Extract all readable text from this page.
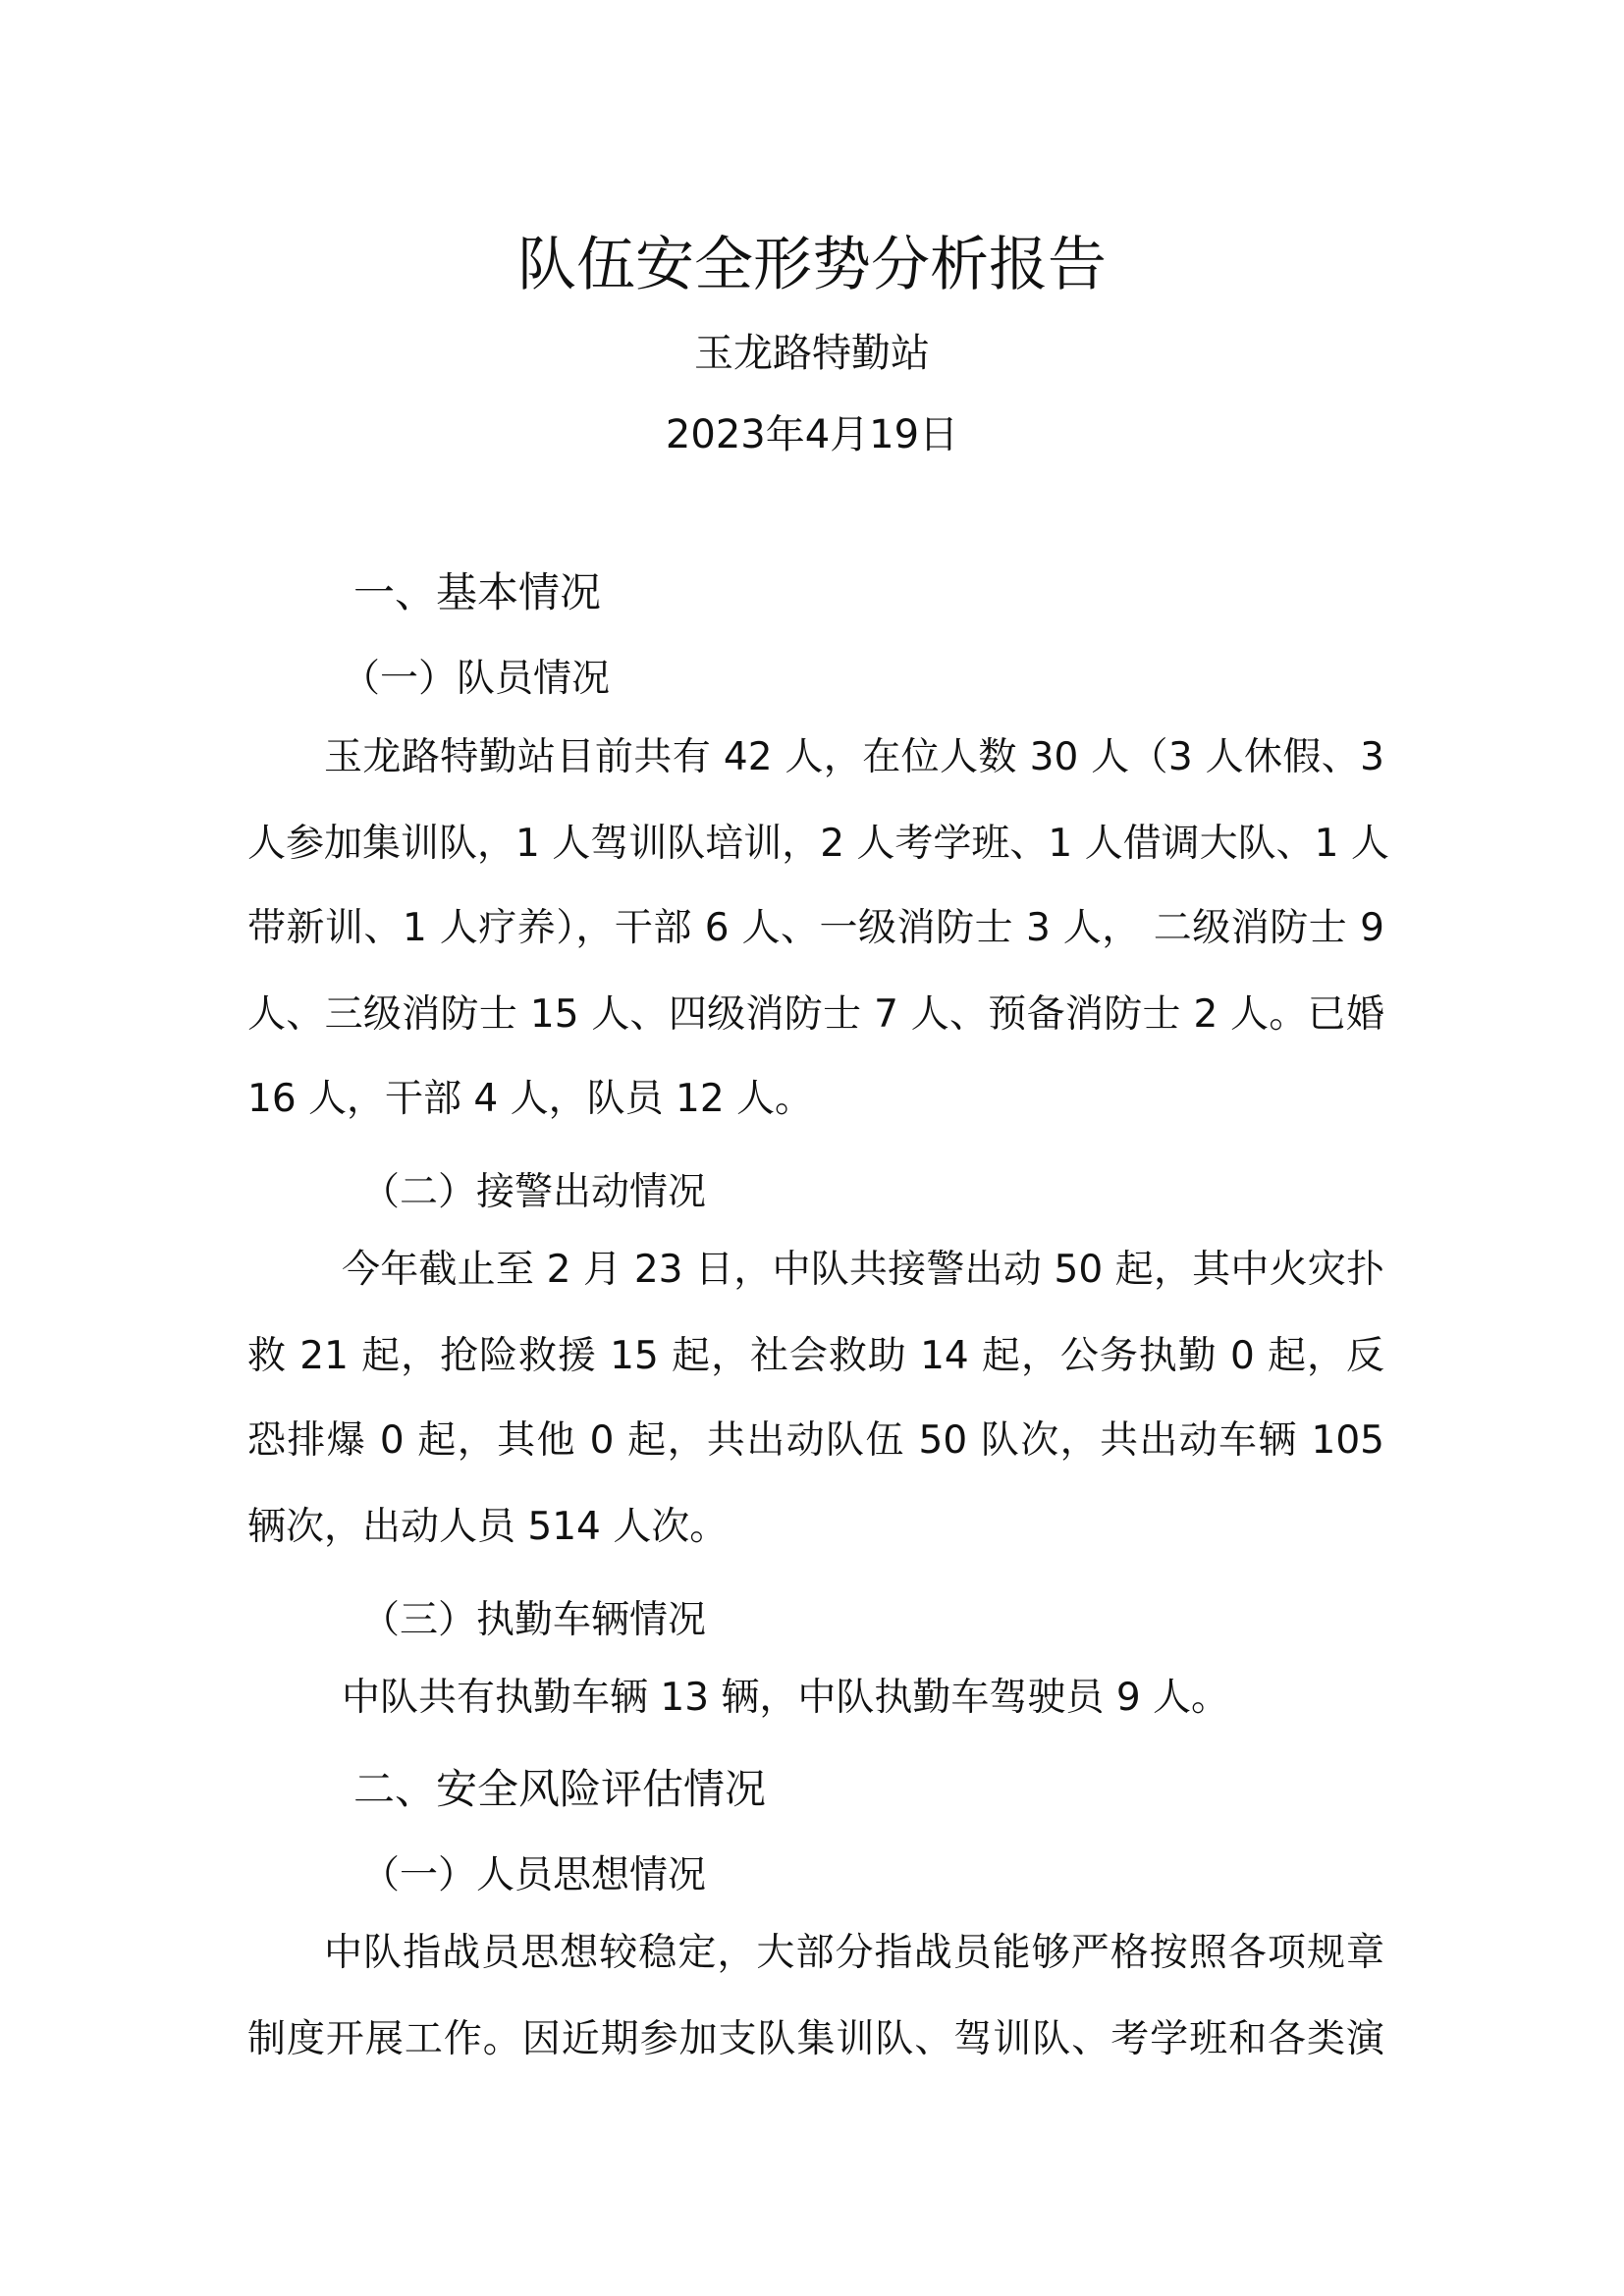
队伍安全形势分析报告
玉龙路特勤站
2023年4月19日
一、基本情况
（一）队员情况
玉龙路特勤站目前共有 42 人，在位人数 30 人（3 人休假、3
人参加集训队，1 人驾训队培训，2 人考学班、1 人借调大队、1 人
带新训、1 人疗养），干部 6 人、一级消防士 3 人， 二级消防士 9
人、三级消防士 15 人、四级消防士 7 人、预备消防士 2 人。已婚
16 人，干部 4 人，队员 12 人。
（二）接警出动情况
今年截止至 2 月 23 日，中队共接警出动 50 起，其中火灾扑
救 21 起，抢险救援 15 起，社会救助 14 起，公务执勤 0 起，反
恐排爆 0 起，其他 0 起，共出动队伍 50 队次，共出动车辆 105
辆次，出动人员 514 人次。
（三）执勤车辆情况
中队共有执勤车辆 13 辆，中队执勤车驾驶员 9 人。
二、安全风险评估情况
（一）人员思想情况
中队指战员思想较稳定，大部分指战员能够严格按照各项规章
制度开展工作。因近期参加支队集训队、驾训队、考学班和各类演
